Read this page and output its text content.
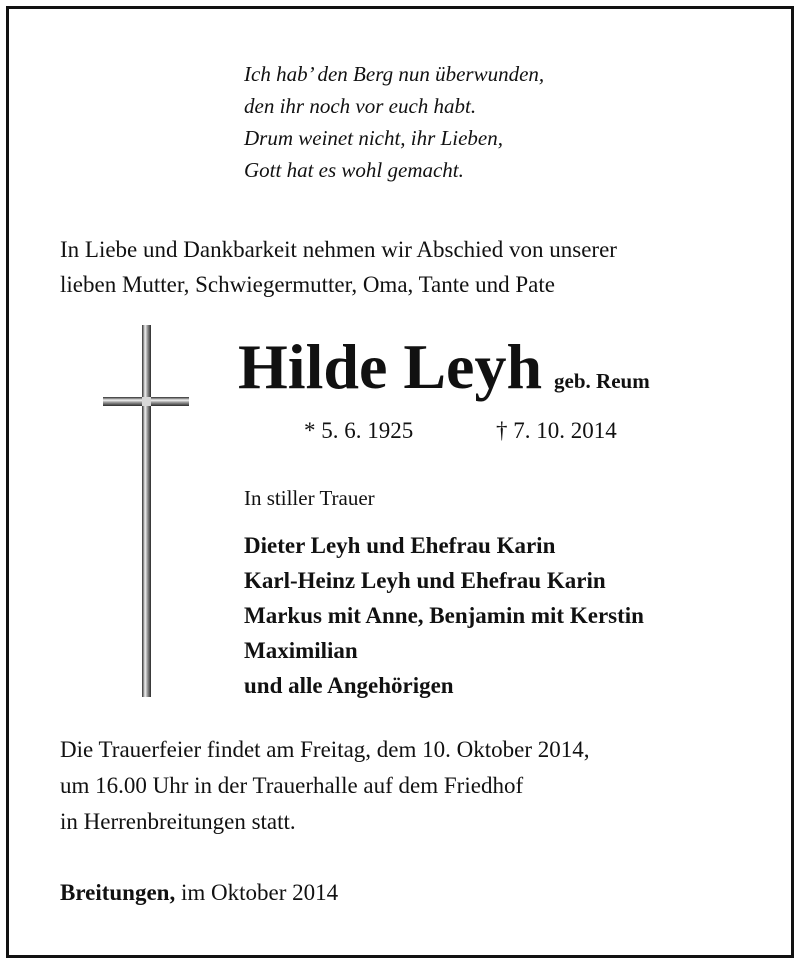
Ich hab’ den Berg nun überwunden,
den ihr noch vor euch habt.
Drum weinet nicht, ihr Lieben,
Gott hat es wohl gemacht.
In Liebe und Dankbarkeit nehmen wir Abschied von unserer
lieben Mutter, Schwiegermutter, Oma, Tante und Pate
Hilde Leyh geb. Reum
* 5. 6. 1925	† 7. 10. 2014
In stiller Trauer
Dieter Leyh und Ehefrau Karin
Karl-Heinz Leyh und Ehefrau Karin
Markus mit Anne, Benjamin mit Kerstin
Maximilian
und alle Angehörigen
Die Trauerfeier findet am Freitag, dem 10. Oktober 2014,
um 16.00 Uhr in der Trauerhalle auf dem Friedhof
in Herrenbreitungen statt.
Breitungen, im Oktober 2014
